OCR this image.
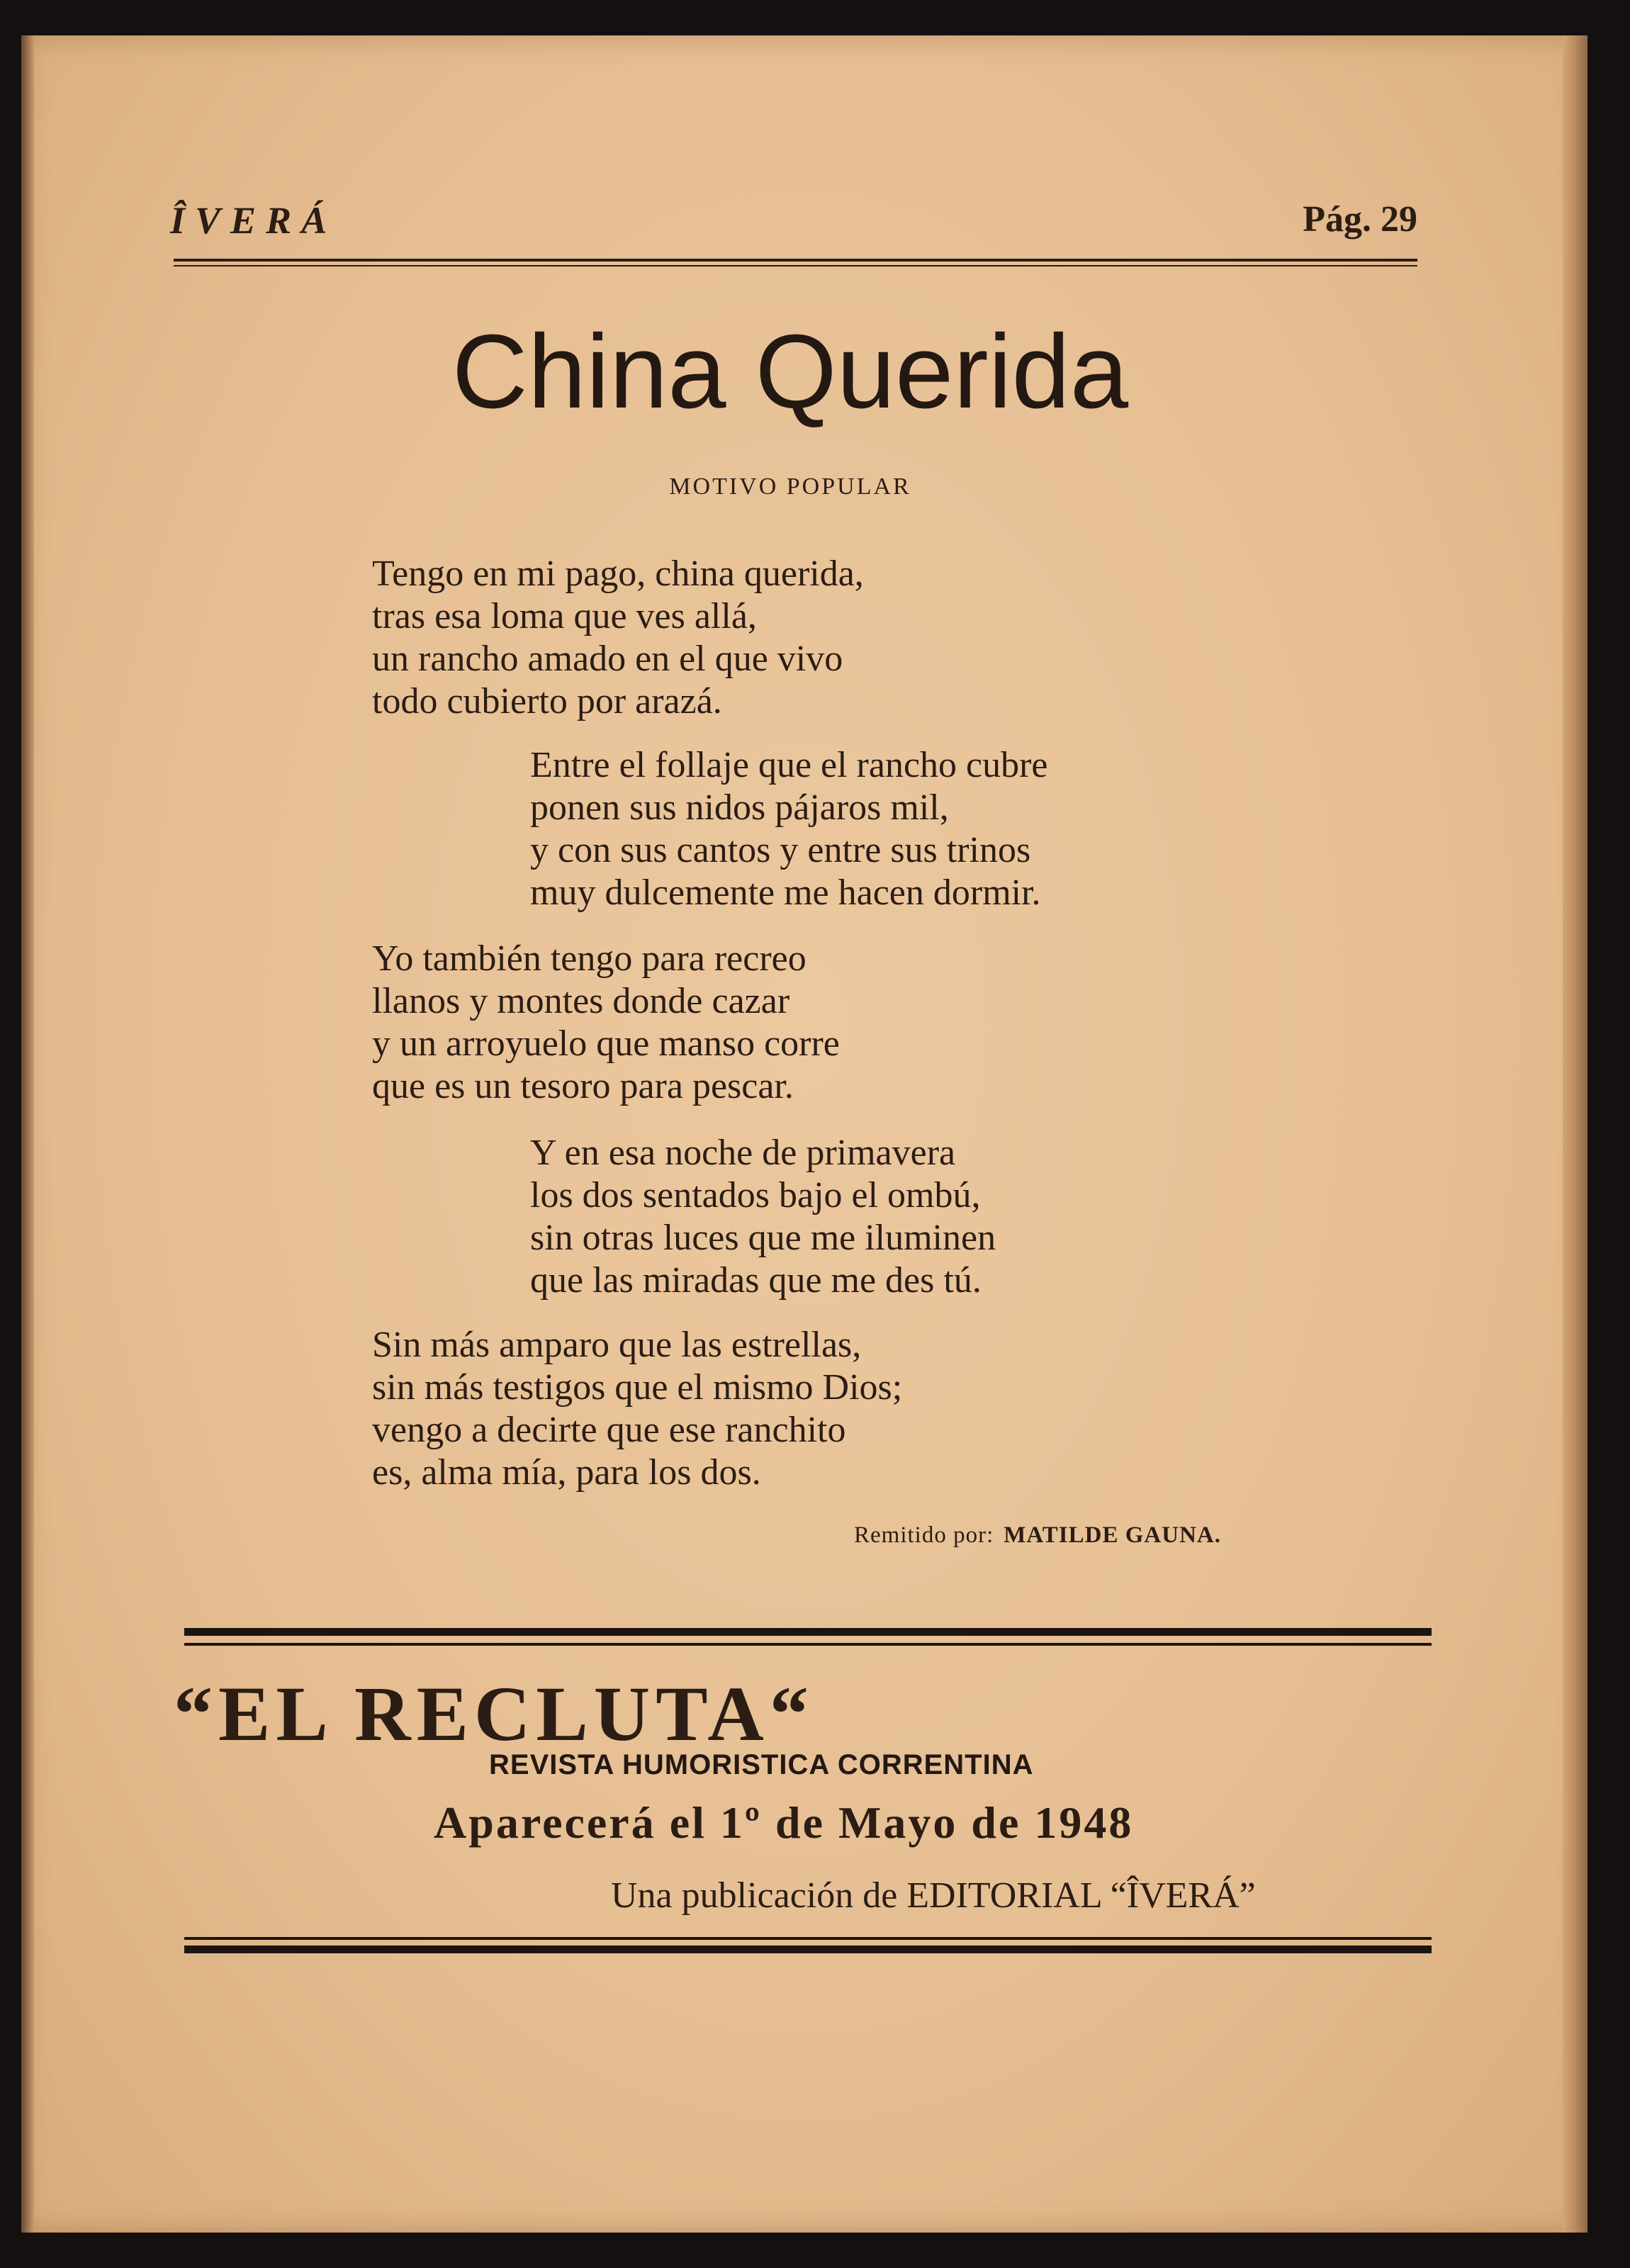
ÎVERÁ	Pág. 29
China Querida
MOTIVO POPULAR
Tengo en mi pago, china querida,
tras esa loma que ves allá,
un rancho amado en el que vivo
todo cubierto por arazá.
Entre el follaje que el rancho cubre
ponen sus nidos pájaros mil,
y con sus cantos y entre sus trinos
muy dulcemente me hacen dormir.
Yo también tengo para recreo
llanos y montes donde cazar
y un arroyuelo que manso corre
que es un tesoro para pescar.
Y en esa noche de primavera
los dos sentados bajo el ombú,
sin otras luces que me iluminen
que las miradas que me des tú.
Sin más amparo que las estrellas,
sin más testigos que el mismo Dios;
vengo a decirte que ese ranchito
es, alma mía, para los dos.
Remitido por: MATILDE GAUNA.
“EL RECLUTA“
REVISTA HUMORISTICA CORRENTINA
Aparecerá el 1º de Mayo de 1948
Una publicación de EDITORIAL “ÎVERÁ”
